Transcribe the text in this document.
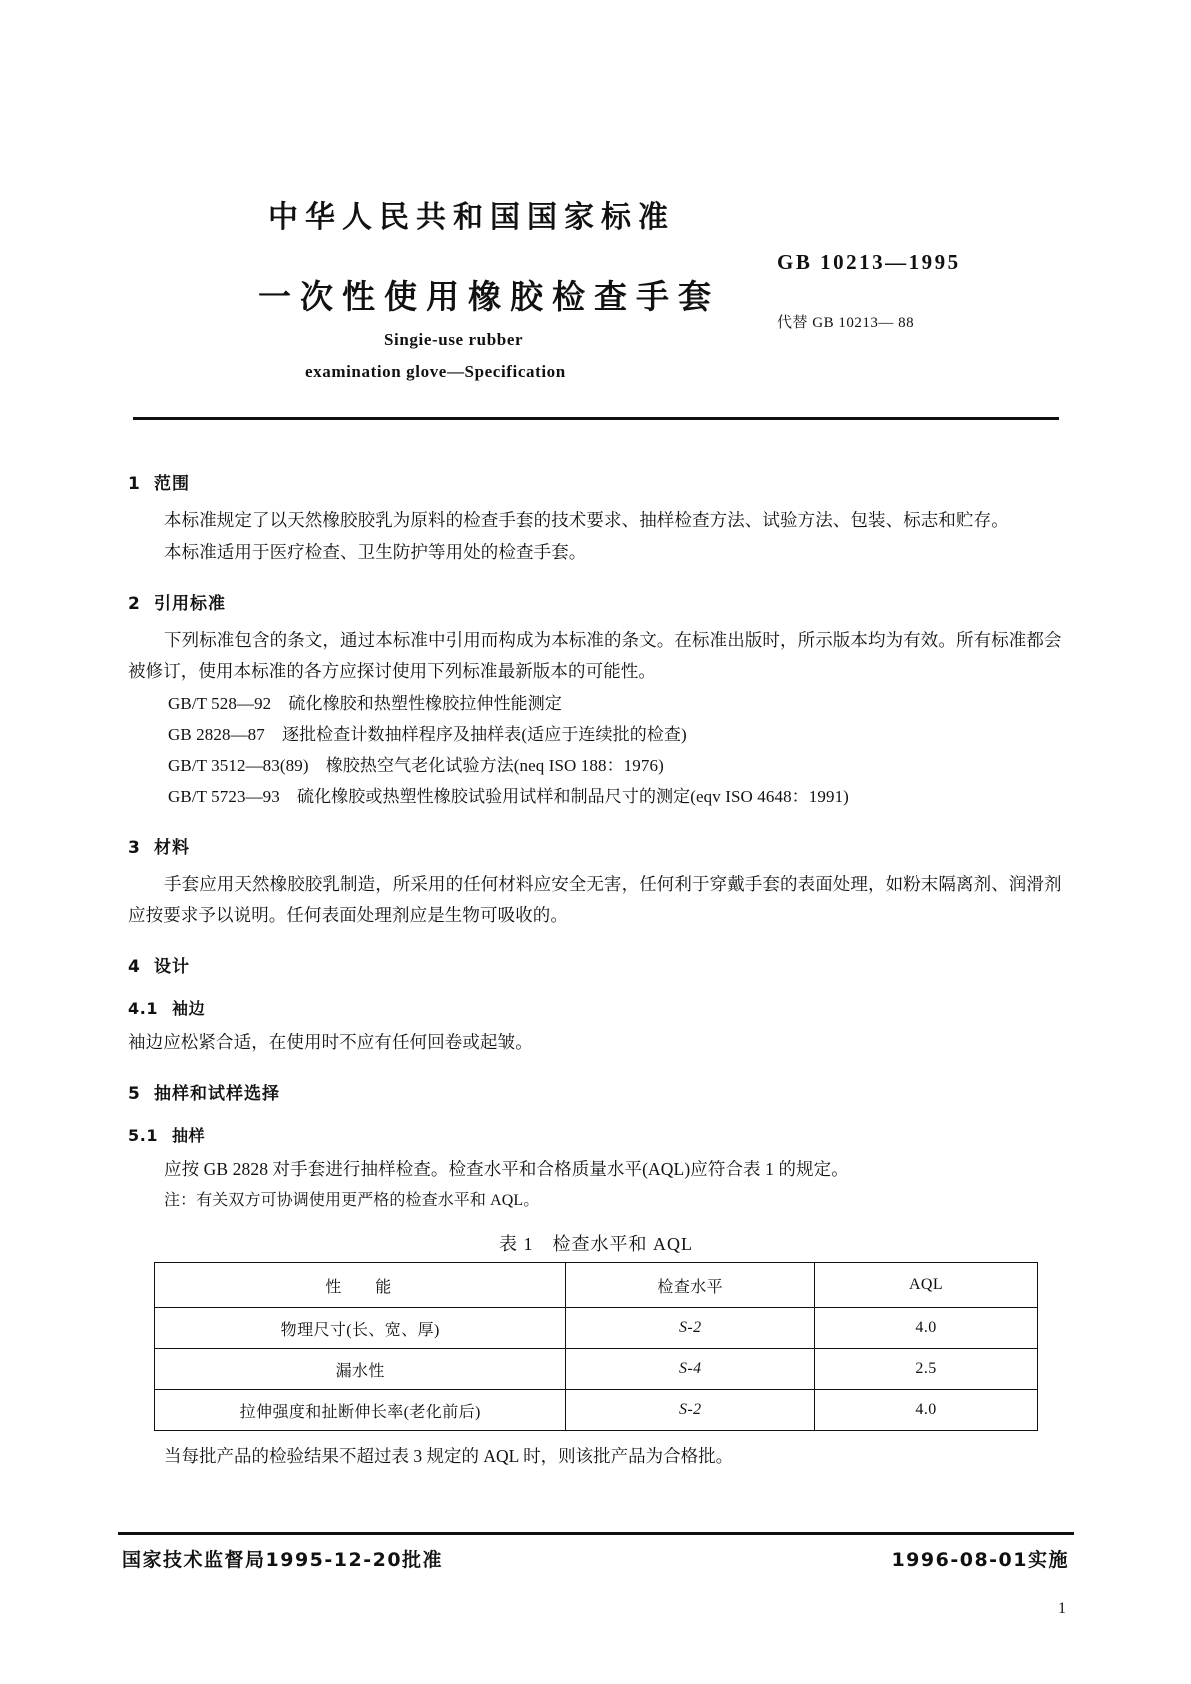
中华人民共和国国家标准
一次性使用橡胶检查手套
GB 10213—1995
代替 GB 10213— 88
Singie-use rubber
examination glove—Specification
1 范围

本标准规定了以天然橡胶胶乳为原料的检查手套的技术要求、抽样检查方法、试验方法、包装、标志和贮存。

本标准适用于医疗检查、卫生防护等用处的检查手套。

2 引用标准

下列标准包含的条文，通过本标准中引用而构成为本标准的条文。在标准出版时，所示版本均为有效。所有标准都会被修订，使用本标准的各方应探讨使用下列标准最新版本的可能性。

GB/T 528—92　硫化橡胶和热塑性橡胶拉伸性能测定

GB 2828—87　逐批检查计数抽样程序及抽样表(适应于连续批的检查)

GB/T 3512—83(89)　橡胶热空气老化试验方法(neq ISO 188：1976)

GB/T 5723—93　硫化橡胶或热塑性橡胶试验用试样和制品尺寸的测定(eqv ISO 4648：1991)

3 材料

手套应用天然橡胶胶乳制造，所采用的任何材料应安全无害，任何利于穿戴手套的表面处理，如粉末隔离剂、润滑剂应按要求予以说明。任何表面处理剂应是生物可吸收的。

4 设计
4.1 袖边

袖边应松紧合适，在使用时不应有任何回卷或起皱。

5 抽样和试样选择
5.1 抽样

应按 GB 2828 对手套进行抽样检查。检查水平和合格质量水平(AQL)应符合表 1 的规定。

注：有关双方可协调使用更严格的检查水平和 AQL。

表 1　检查水平和 AQL
性能	检查水平	AQL
物理尺寸(长、宽、厚)	S-2	4.0
漏水性	S-4	2.5
拉伸强度和扯断伸长率(老化前后)	S-2	4.0

当每批产品的检验结果不超过表 3 规定的 AQL 时，则该批产品为合格批。

国家技术监督局1995-12-20批准	1996-08-01实施
1
